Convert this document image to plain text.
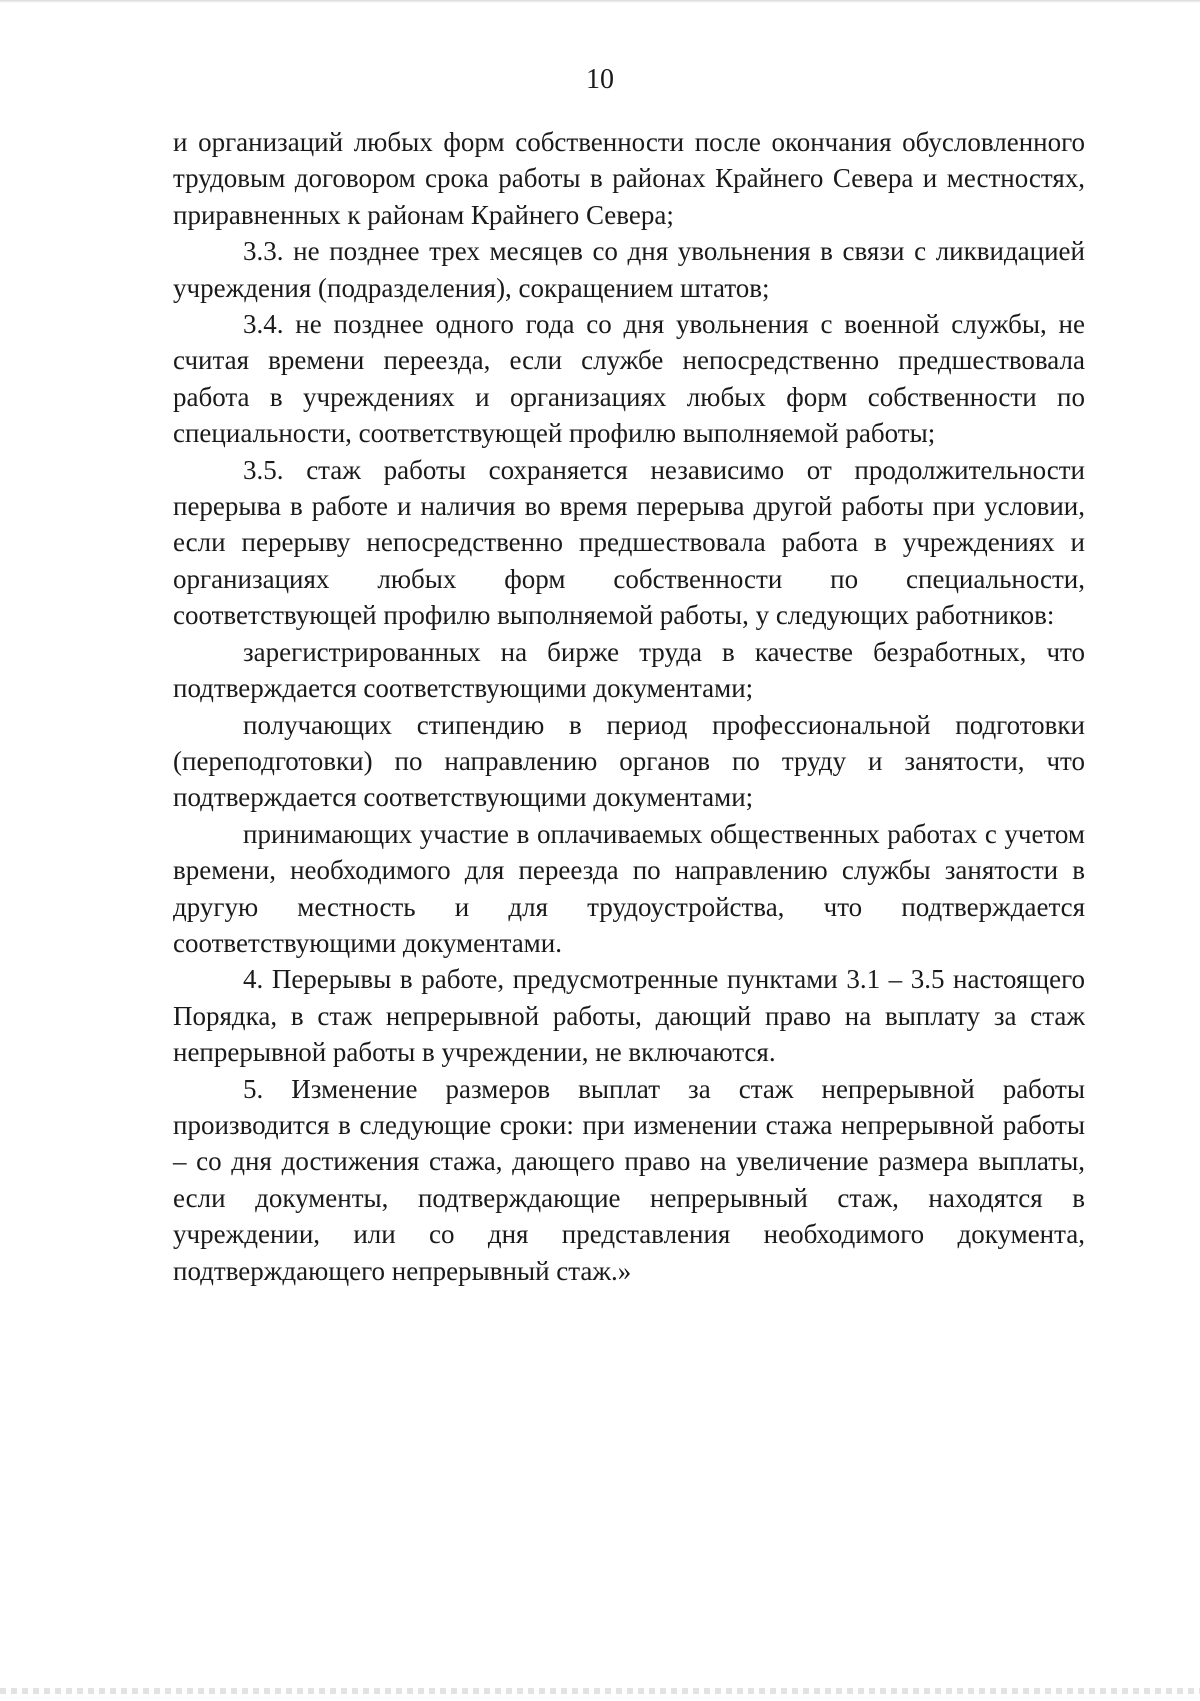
10

и организаций любых форм собственности после окончания обусловленного трудовым договором срока работы в районах Крайнего Севера и местностях, приравненных к районам Крайнего Севера;

3.3. не позднее трех месяцев со дня увольнения в связи с ликвидацией учреждения (подразделения), сокращением штатов;

3.4. не позднее одного года со дня увольнения с военной службы, не считая времени переезда, если службе непосредственно предшествовала работа в учреждениях и организациях любых форм собственности по специальности, соответствующей профилю выполняемой работы;

3.5. стаж работы сохраняется независимо от продолжительности перерыва в работе и наличия во время перерыва другой работы при условии, если перерыву непосредственно предшествовала работа в учреждениях и организациях любых форм собственности по специальности, соответствующей профилю выполняемой работы, у следующих работников:

зарегистрированных на бирже труда в качестве безработных, что подтверждается соответствующими документами;

получающих стипендию в период профессиональной подготовки (переподготовки) по направлению органов по труду и занятости, что подтверждается соответствующими документами;

принимающих участие в оплачиваемых общественных работах с учетом времени, необходимого для переезда по направлению службы занятости в другую местность и для трудоустройства, что подтверждается соответствующими документами.

4. Перерывы в работе, предусмотренные пунктами 3.1 – 3.5 настоящего Порядка, в стаж непрерывной работы, дающий право на выплату за стаж непрерывной работы в учреждении, не включаются.

5. Изменение размеров выплат за стаж непрерывной работы производится в следующие сроки: при изменении стажа непрерывной работы – со дня достижения стажа, дающего право на увеличение размера выплаты, если документы, подтверждающие непрерывный стаж, находятся в учреждении, или со дня представления необходимого документа, подтверждающего непрерывный стаж.»
